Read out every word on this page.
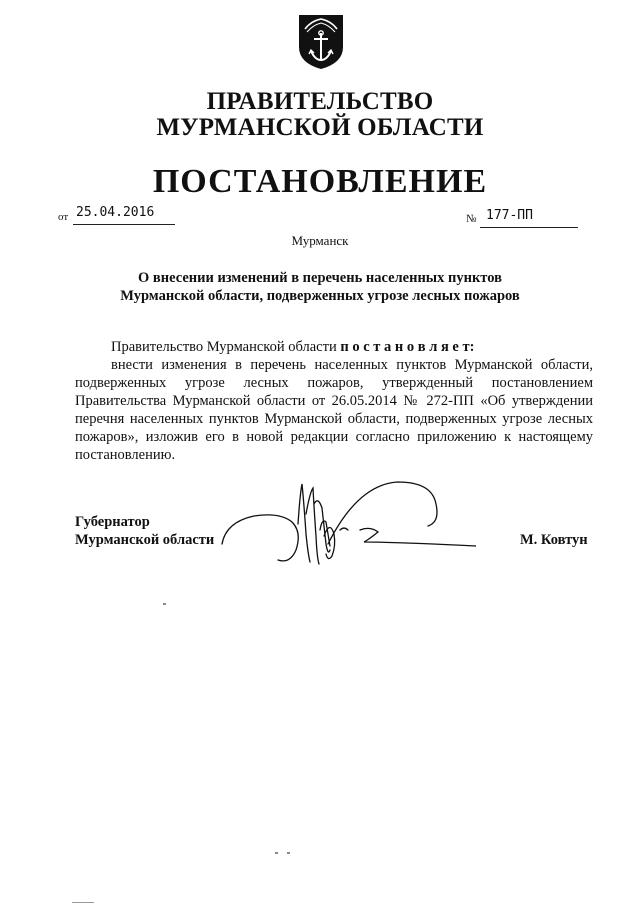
ПРАВИТЕЛЬСТВО
МУРМАНСКОЙ ОБЛАСТИ
ПОСТАНОВЛЕНИЕ
от 25.04.2016	№ 177-ПП
Мурманск
О внесении изменений в перечень населенных пунктов
Мурманской области, подверженных угрозе лесных пожаров
Правительство Мурманской области п о с т а н о в л я е т:
внести изменения в перечень населенных пунктов Мурманской области, подверженных угрозе лесных пожаров, утвержденный постановлением Правительства Мурманской области от 26.05.2014 № 272-ПП «Об утверждении перечня населенных пунктов Мурманской области, подверженных угрозе лесных пожаров», изложив его в новой редакции согласно приложению к настоящему постановлению.
Губернатор
Мурманской области	М. Ковтун
